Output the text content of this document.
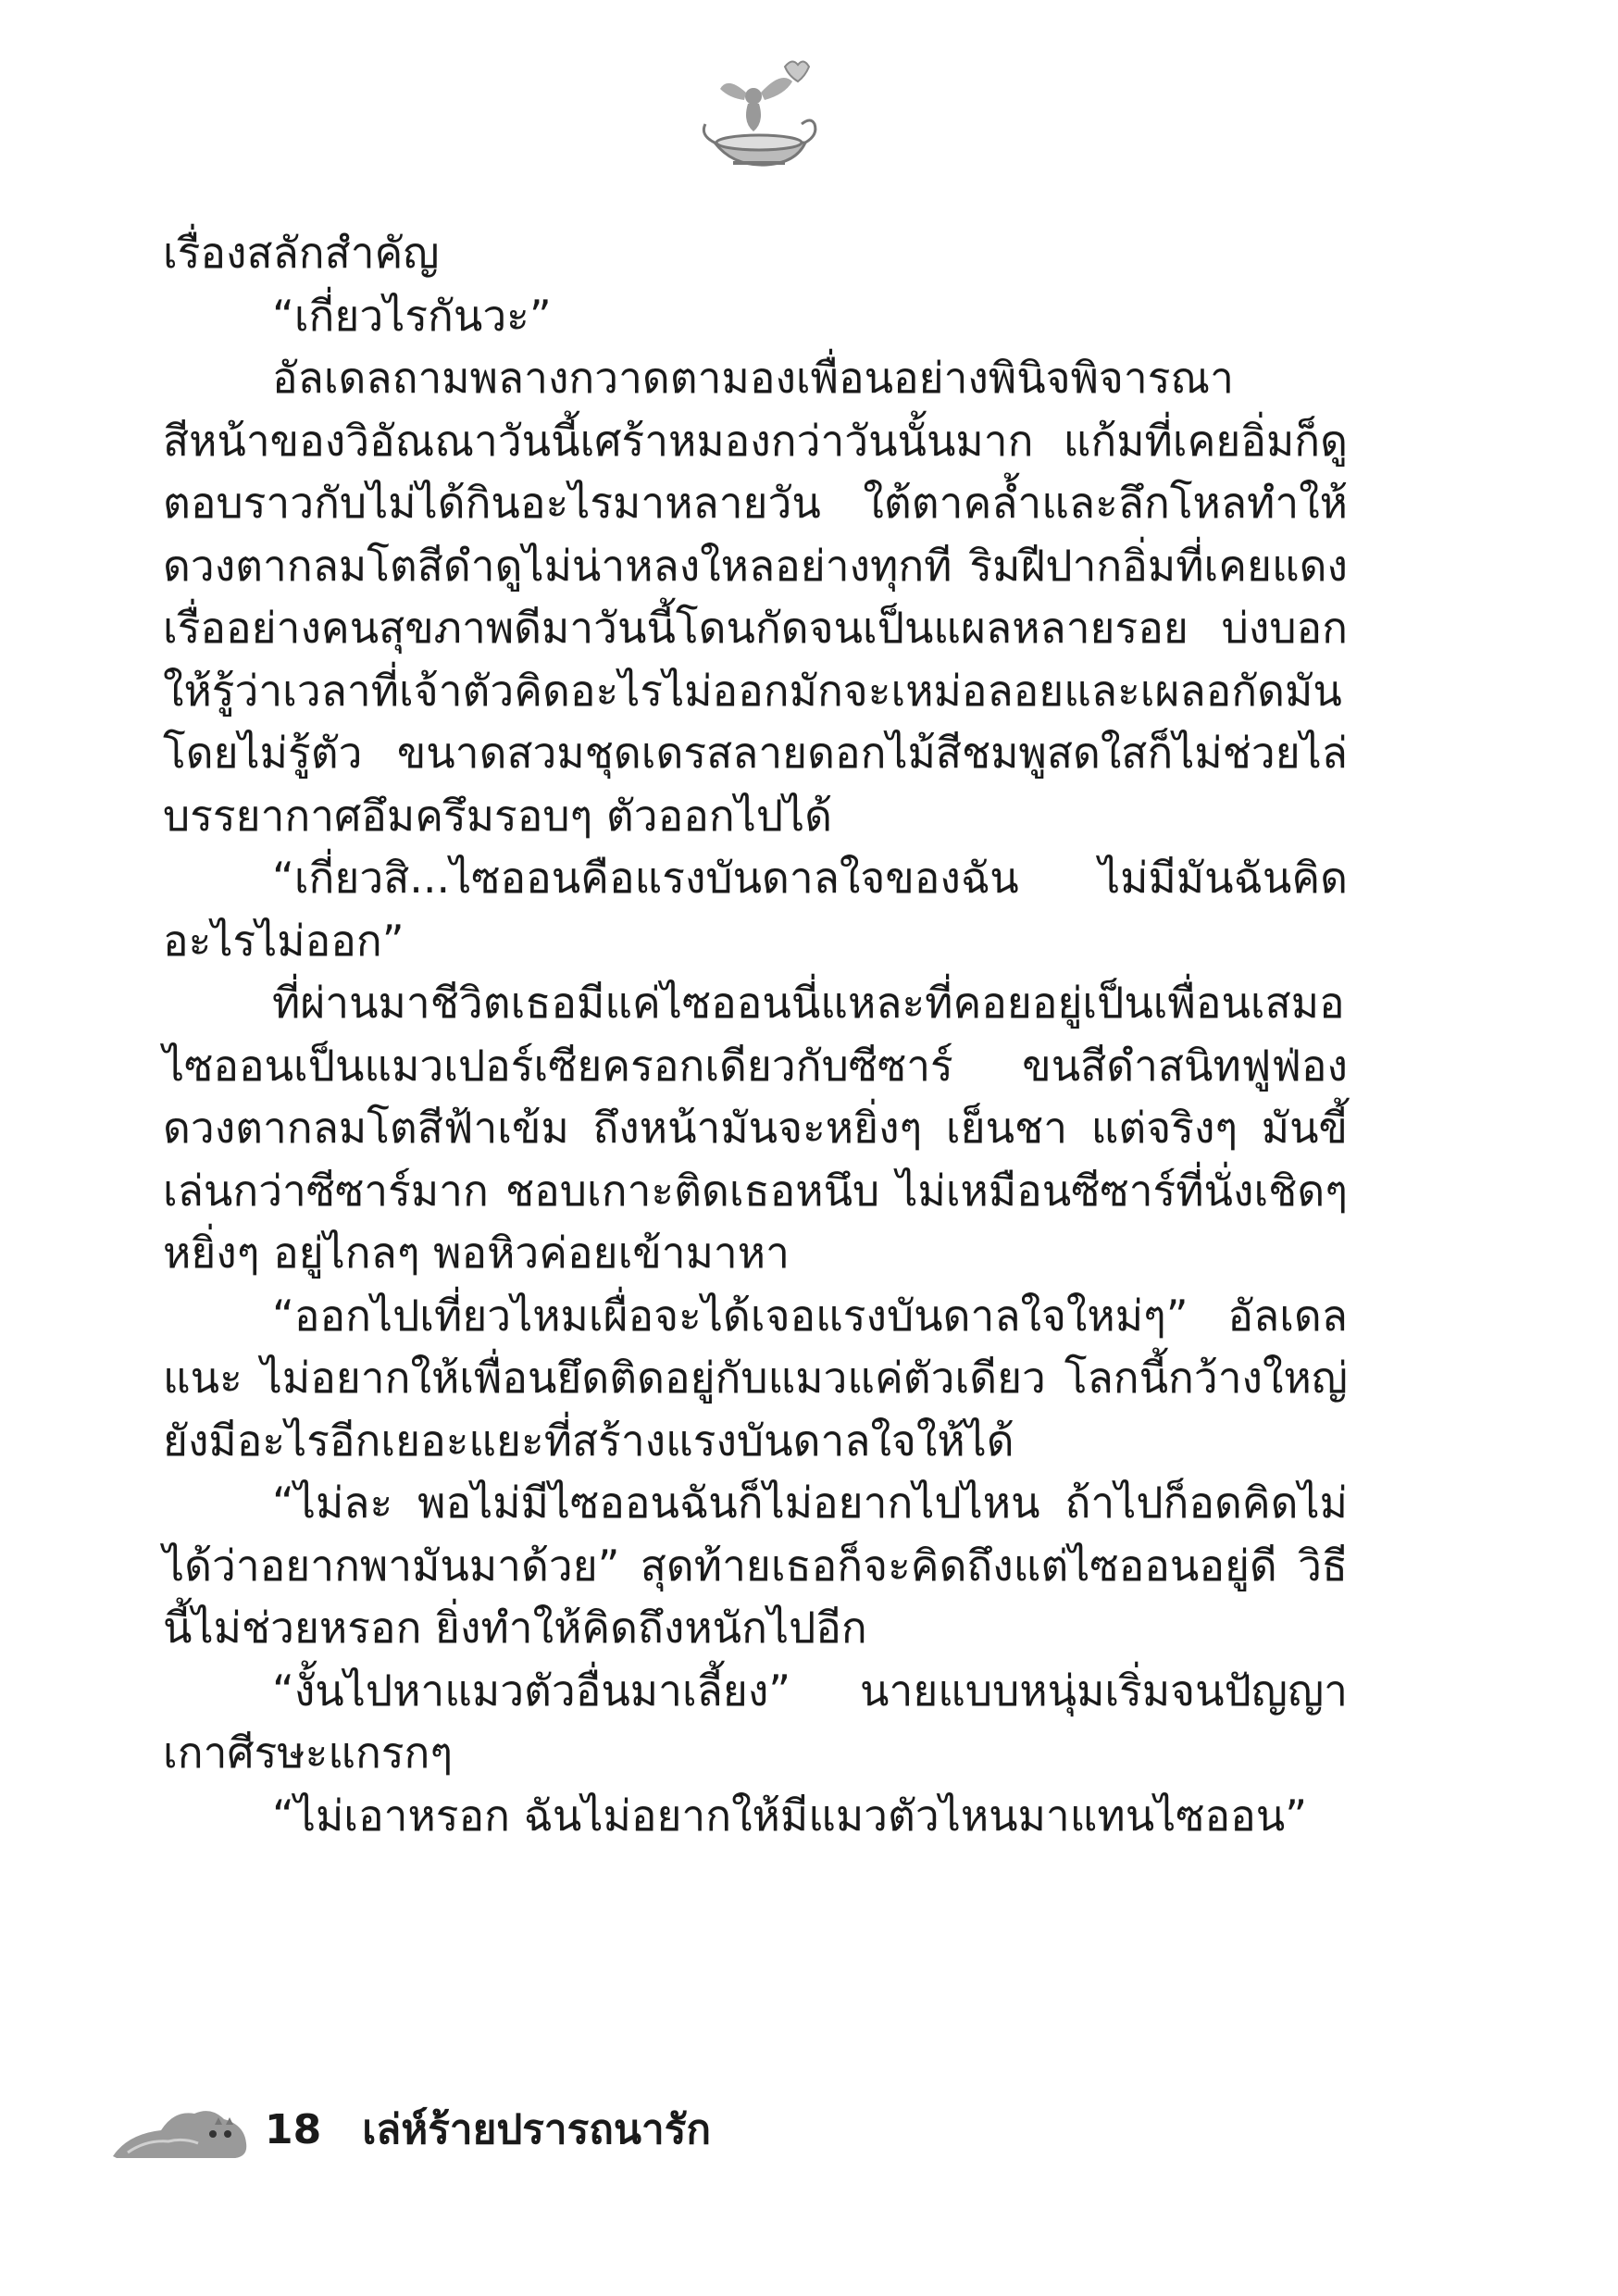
เรื่องสลักสำคัญ

“เกี่ยวไรกันวะ”

อัลเดลถามพลางกวาดตามองเพื่อนอย่างพินิจพิจารณา สีหน้าของวิอัณณาวันนี้เศร้าหมองกว่าวันนั้นมาก แก้มที่เคยอิ่มก็ดูตอบราวกับไม่ได้กินอะไรมาหลายวัน ใต้ตาคล้ำและลึกโหลทำให้ดวงตากลมโตสีดำดูไม่น่าหลงใหลอย่างทุกที ริมฝีปากอิ่มที่เคยแดงเรื่ออย่างคนสุขภาพดีมาวันนี้โดนกัดจนเป็นแผลหลายรอย บ่งบอกให้รู้ว่าเวลาที่เจ้าตัวคิดอะไรไม่ออกมักจะเหม่อลอยและเผลอกัดมันโดยไม่รู้ตัว ขนาดสวมชุดเดรสลายดอกไม้สีชมพูสดใสก็ไม่ช่วยไล่บรรยากาศอึมครึมรอบๆ ตัวออกไปได้

“เกี่ยวสิ...ไซออนคือแรงบันดาลใจของฉัน ไม่มีมันฉันคิดอะไรไม่ออก”

ที่ผ่านมาชีวิตเธอมีแค่ไซออนนี่แหละที่คอยอยู่เป็นเพื่อนเสมอ ไซออนเป็นแมวเปอร์เซียครอกเดียวกับซีซาร์ ขนสีดำสนิทฟูฟ่อง ดวงตากลมโตสีฟ้าเข้ม ถึงหน้ามันจะหยิ่งๆ เย็นชา แต่จริงๆ มันขี้เล่นกว่าซีซาร์มาก ชอบเกาะติดเธอหนึบ ไม่เหมือนซีซาร์ที่นั่งเชิดๆ หยิ่งๆ อยู่ไกลๆ พอหิวค่อยเข้ามาหา

“ออกไปเที่ยวไหมเผื่อจะได้เจอแรงบันดาลใจใหม่ๆ” อัลเดลแนะ ไม่อยากให้เพื่อนยึดติดอยู่กับแมวแค่ตัวเดียว โลกนี้กว้างใหญ่ ยังมีอะไรอีกเยอะแยะที่สร้างแรงบันดาลใจให้ได้

“ไม่ละ พอไม่มีไซออนฉันก็ไม่อยากไปไหน ถ้าไปก็อดคิดไม่ได้ว่าอยากพามันมาด้วย” สุดท้ายเธอก็จะคิดถึงแต่ไซออนอยู่ดี วิธีนี้ไม่ช่วยหรอก ยิ่งทำให้คิดถึงหนักไปอีก

“งั้นไปหาแมวตัวอื่นมาเลี้ยง” นายแบบหนุ่มเริ่มจนปัญญา เกาศีรษะแกรกๆ

“ไม่เอาหรอก ฉันไม่อยากให้มีแมวตัวไหนมาแทนไซออน”

18 เล่ห์ร้ายปรารถนารัก
